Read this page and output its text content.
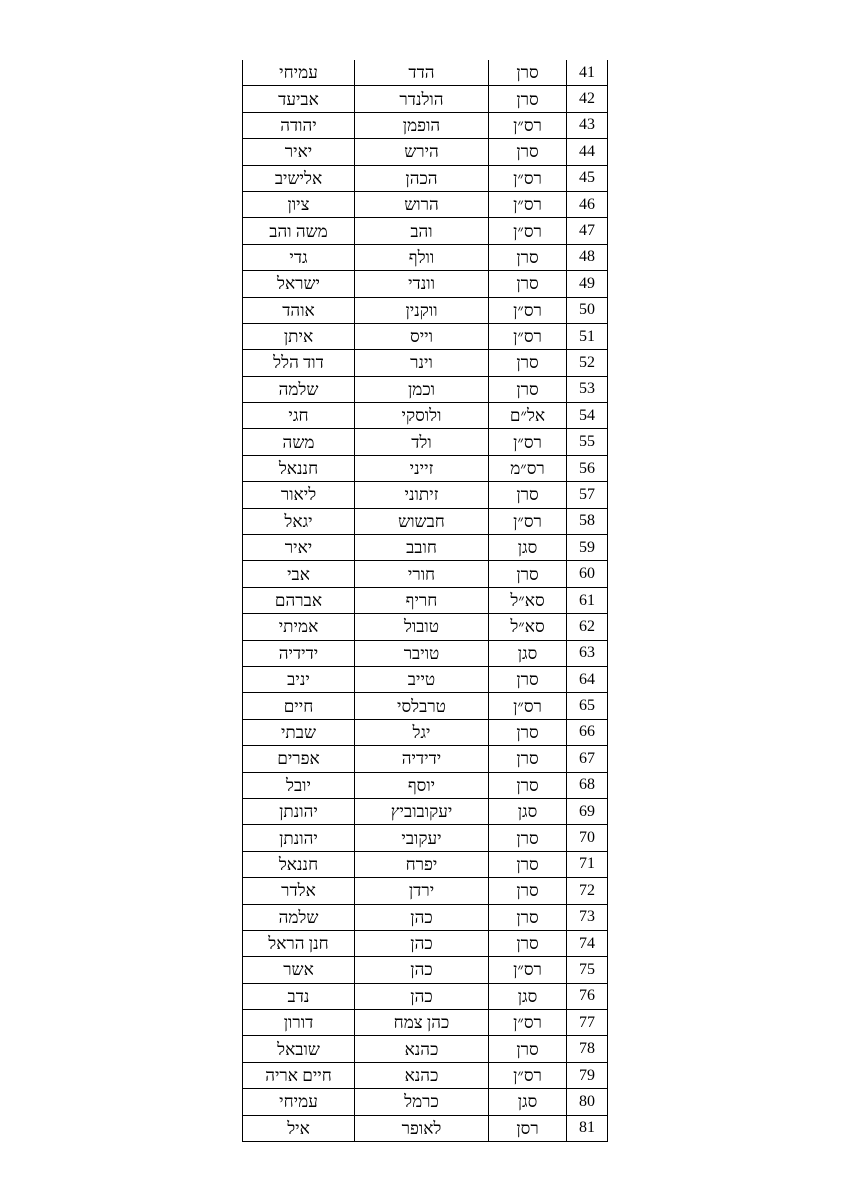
עמיחי	הדד	סרן	41
אביעד	הולנדר	סרן	42
יהודה	הופמן	רס״ן	43
יאיר	הירש	סרן	44
אלישיב	הכהן	רס״ן	45
ציון	הרוש	רס״ן	46
משה והב	והב	רס״ן	47
גדי	וולף	סרן	48
ישראל	וונדי	סרן	49
אוהד	ווקנין	רס״ן	50
איתן	וייס	רס״ן	51
דוד הלל	וינר	סרן	52
שלמה	וכמן	סרן	53
חגי	ולוסקי	אל״ם	54
משה	ולד	רס״ן	55
חננאל	זייני	רס״מ	56
ליאור	זיתוני	סרן	57
יגאל	חבשוש	רס״ן	58
יאיר	חובב	סגן	59
אבי	חורי	סרן	60
אברהם	חריף	סא״ל	61
אמיתי	טובול	סא״ל	62
ידידיה	טויבר	סגן	63
יניב	טייב	סרן	64
חיים	טרבלסי	רס״ן	65
שבתי	יגל	סרן	66
אפרים	ידידיה	סרן	67
יובל	יוסף	סרן	68
יהונתן	יעקובוביץ	סגן	69
יהונתן	יעקובי	סרן	70
חננאל	יפרח	סרן	71
אלדר	ירדן	סרן	72
שלמה	כהן	סרן	73
חנן הראל	כהן	סרן	74
אשר	כהן	רס״ן	75
נדב	כהן	סגן	76
דורון	כהן צמח	רס״ן	77
שובאל	כהנא	סרן	78
חיים אריה	כהנא	רס״ן	79
עמיחי	כרמל	סגן	80
איל	לאופר	רסן	81
